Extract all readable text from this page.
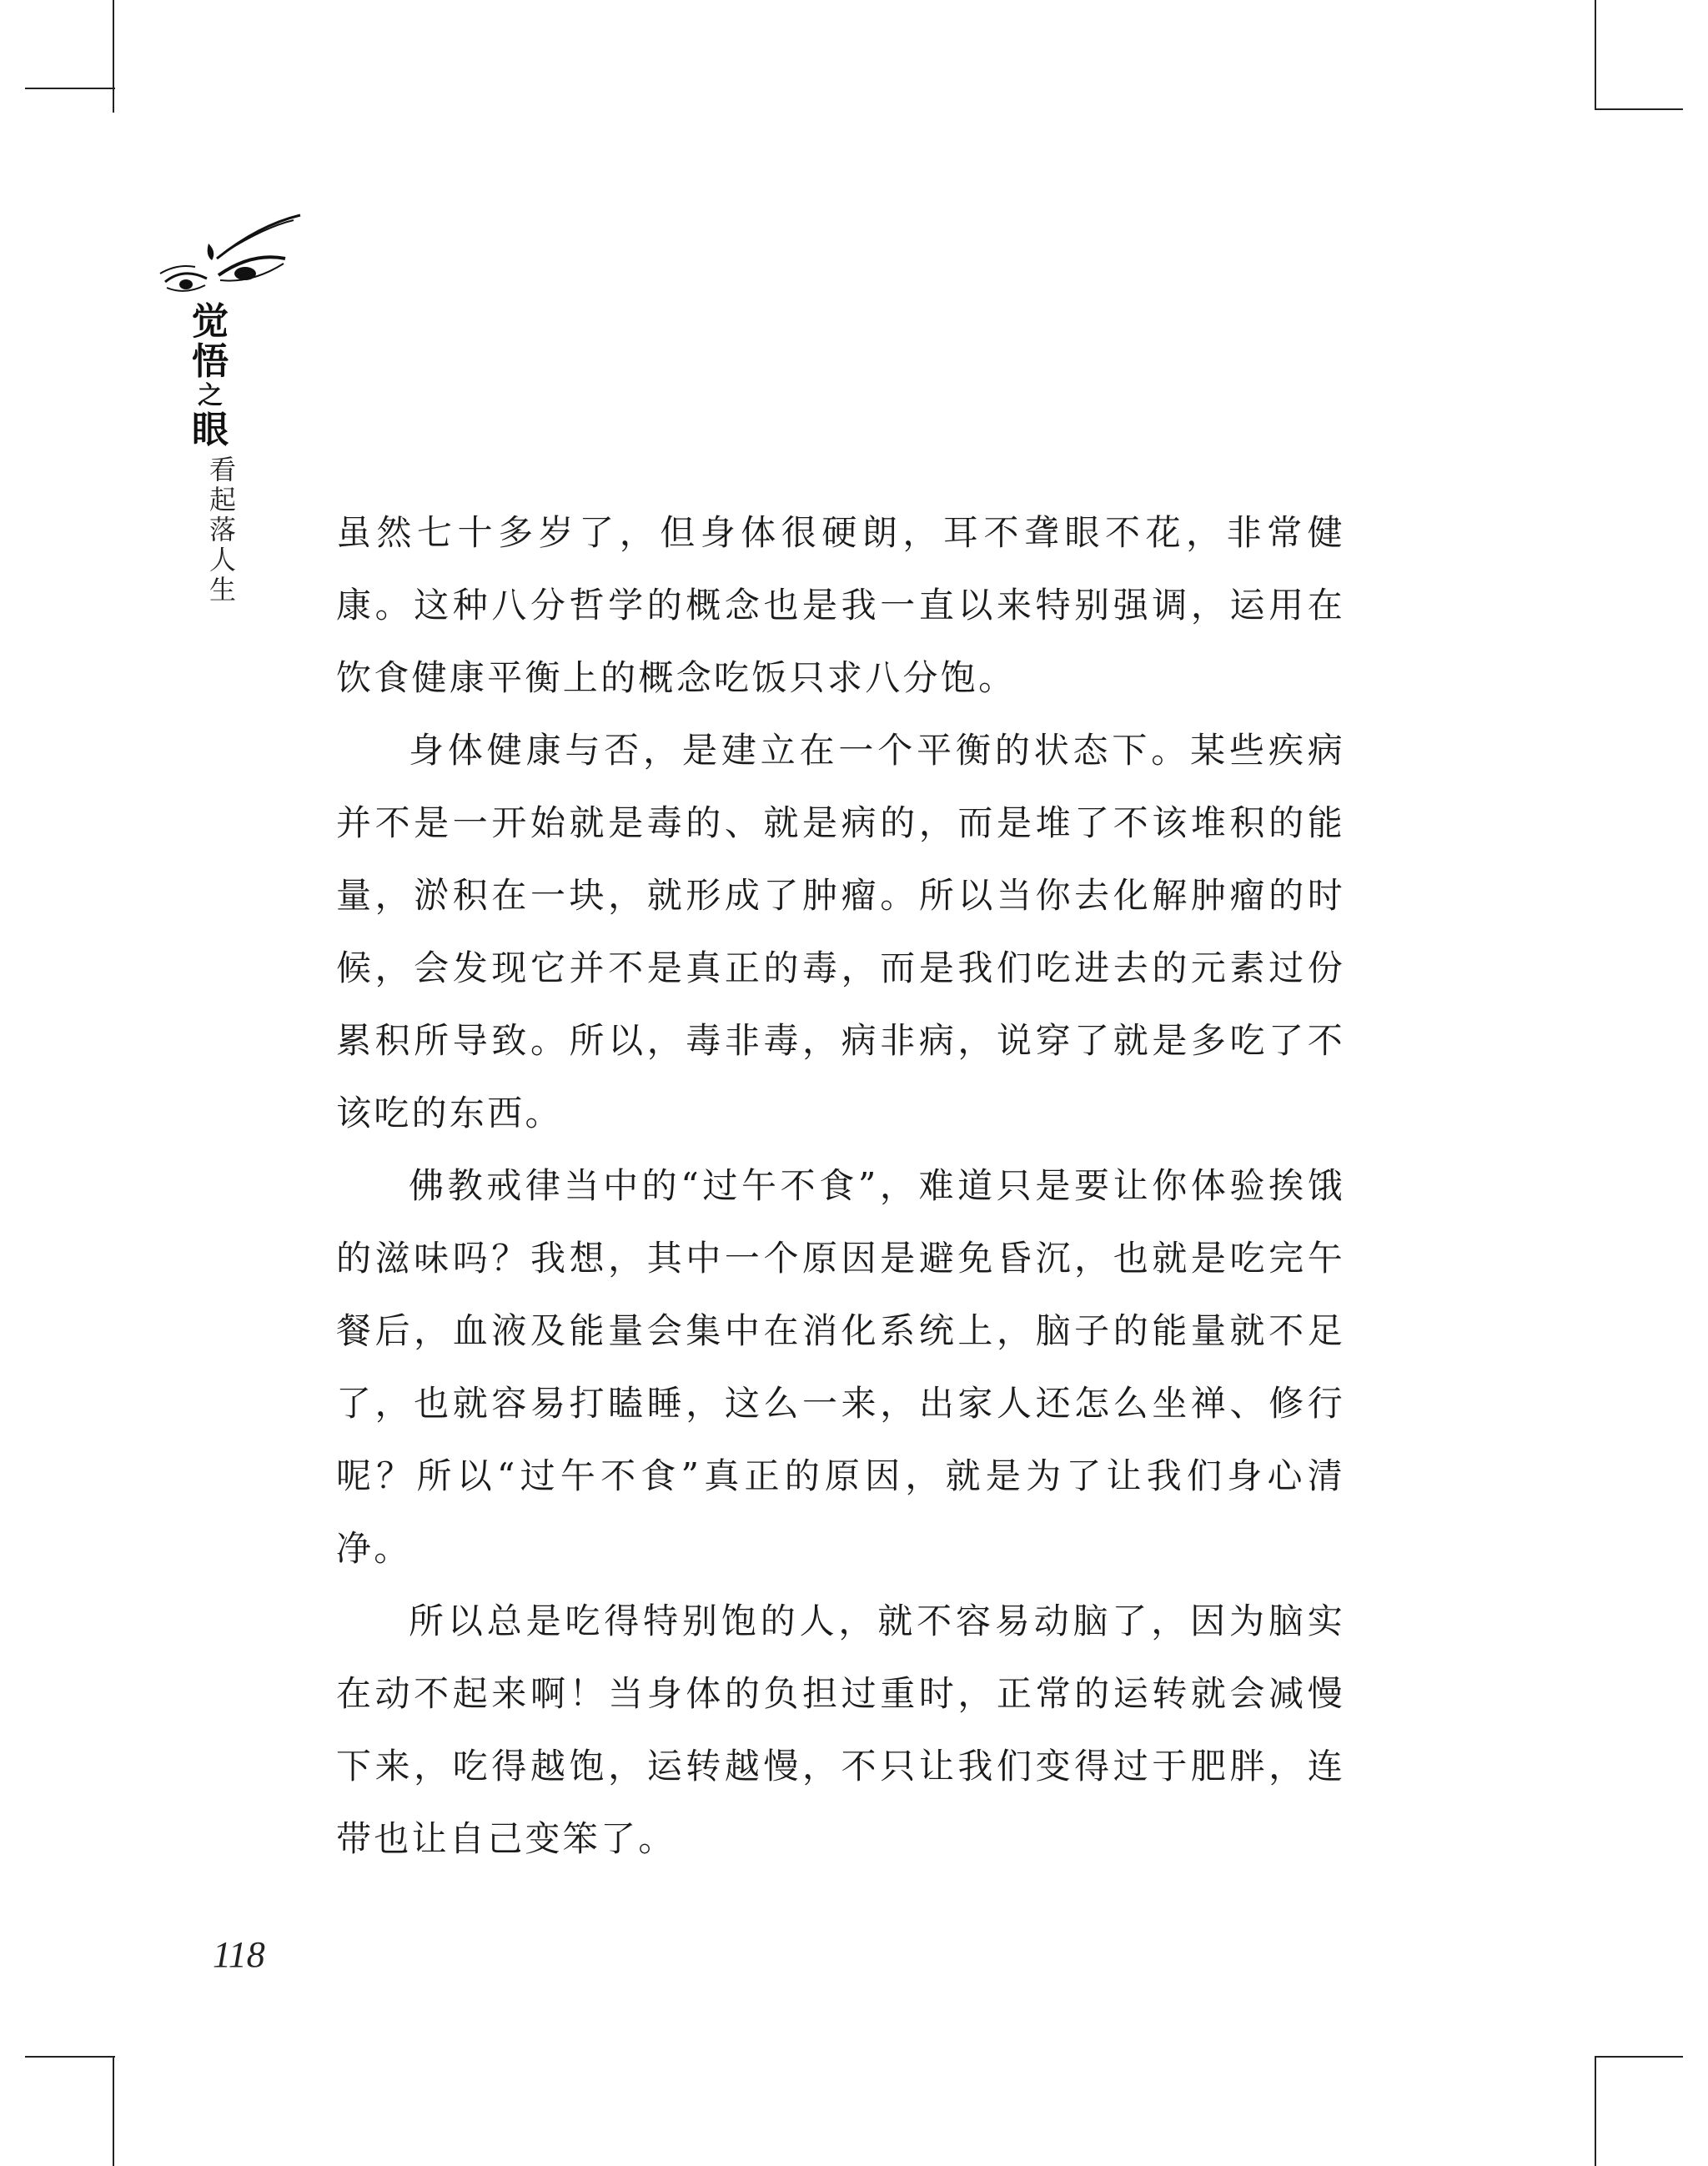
觉
悟
之
眼
看
起
落
人
生

虽然七十多岁了，但身体很硬朗，耳不聋眼不花，非常健康。这种八分哲学的概念也是我一直以来特别强调，运用在饮食健康平衡上的概念吃饭只求八分饱。

身体健康与否，是建立在一个平衡的状态下。某些疾病并不是一开始就是毒的、就是病的，而是堆了不该堆积的能量，淤积在一块，就形成了肿瘤。所以当你去化解肿瘤的时候，会发现它并不是真正的毒，而是我们吃进去的元素过份累积所导致。所以，毒非毒，病非病，说穿了就是多吃了不该吃的东西。

佛教戒律当中的“过午不食”，难道只是要让你体验挨饿的滋味吗？我想，其中一个原因是避免昏沉，也就是吃完午餐后，血液及能量会集中在消化系统上，脑子的能量就不足了，也就容易打瞌睡，这么一来，出家人还怎么坐禅、修行呢？所以“过午不食”真正的原因，就是为了让我们身心清净。

所以总是吃得特别饱的人，就不容易动脑了，因为脑实在动不起来啊！当身体的负担过重时，正常的运转就会减慢下来，吃得越饱，运转越慢，不只让我们变得过于肥胖，连带也让自己变笨了。

118
